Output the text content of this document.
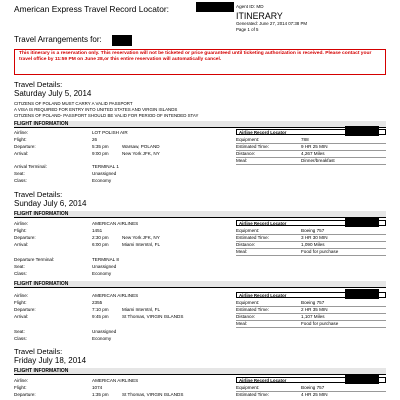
American Express Travel Record Locator:	Agent ID: MD
ITINERARY
Generated: June 27, 2014 07:38 PM
Page 1 of 5
Travel Arrangements for:
This itinerary is a reservation only. This reservation will not be ticketed or price guaranteed until ticketing authorization is received. Please contact your travel office by 11:59 PM on June 28,or this entire reservation will automatically cancel.
Travel Details:
Saturday July 5, 2014
CITIZENS OF POLAND MUST CARRY A VALID PASSPORT
A VISA IS REQUIRED FOR ENTRY INTO UNITED STATES AND VIRGIN ISLANDS
CITIZENS OF POLAND- PASSPORT SHOULD BE VALID FOR PERIOD OF INTENDED STAY
FLIGHT INFORMATION
Airline Record Locator
Airline:	LOT POLISH AIR
Flight:	26
Departure:	5:35 pm	Warsaw, POLAND
Arrival:	9:00 pm	New York JFK, NY
Arrival Terminal:	TERMINAL 1
Seat:	Unassigned
Class:	Economy
Equipment:	788
Estimated Time:	9 HR 25 MIN
Distance:	4,267 Miles
Meal:	Dinner/breakfast
Travel Details:
Sunday July 6, 2014
FLIGHT INFORMATION
Airline Record Locator
Airline:	AMERICAN AIRLINES
Flight:	1451
Departure:	2:30 pm	New York JFK, NY
Arrival:	6:00 pm	Miami Interntnl, FL
Departure Terminal:	TERMINAL 8
Seat:	Unassigned
Class:	Economy
Equipment:	Boeing 757
Estimated Time:	3 HR 30 MIN
Distance:	1,090 Miles
Meal:	Food for purchase
FLIGHT INFORMATION
Airline Record Locator
Airline:	AMERICAN AIRLINES
Flight:	2355
Departure:	7:10 pm	Miami Interntnl, FL
Arrival:	9:45 pm	St Thomas, VIRGIN ISLANDS
Seat:	Unassigned
Class:	Economy
Equipment:	Boeing 757
Estimated Time:	2 HR 35 MIN
Distance:	1,107 Miles
Meal:	Food for purchase
Travel Details:
Friday July 18, 2014
FLIGHT INFORMATION
Airline Record Locator
Airline:	AMERICAN AIRLINES
Flight:	1074
Departure:	1:35 pm	St Thomas, VIRGIN ISLANDS
Equipment:	Boeing 757
Estimated Time:	4 HR 25 MIN
